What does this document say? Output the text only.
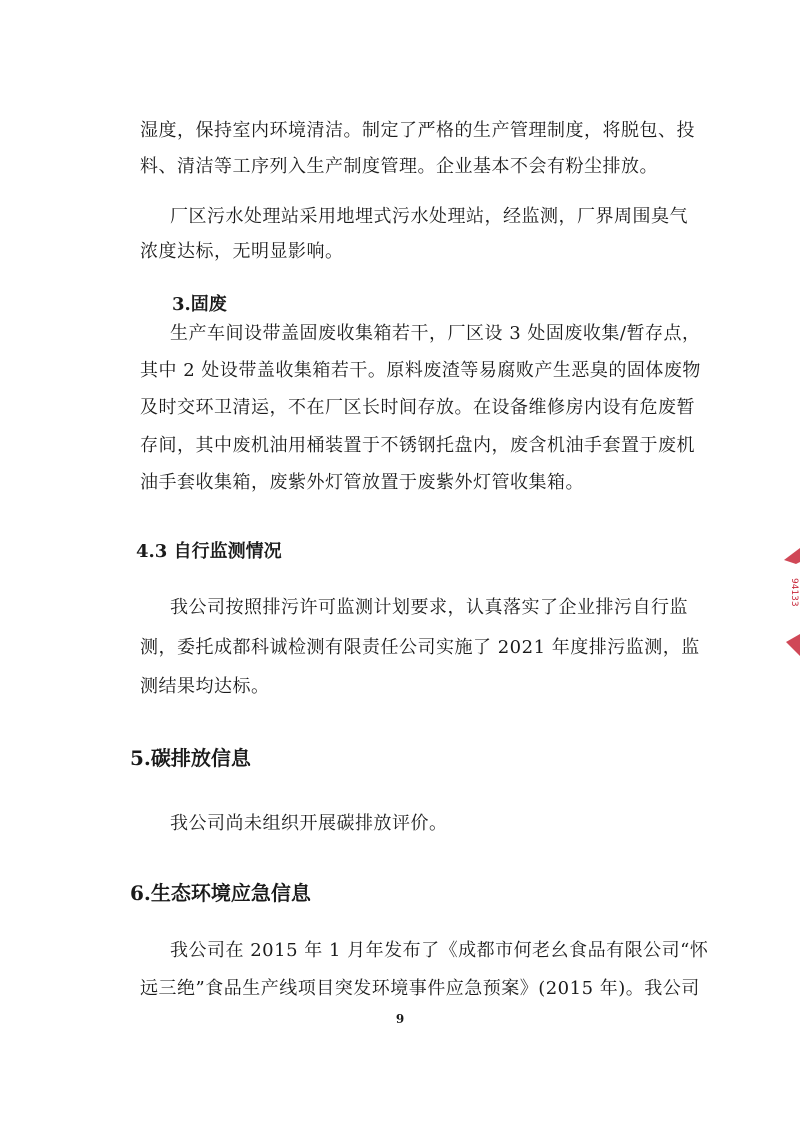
湿度，保持室内环境清洁。制定了严格的生产管理制度，将脱包、投
料、清洁等工序列入生产制度管理。企业基本不会有粉尘排放。
厂区污水处理站采用地埋式污水处理站，经监测，厂界周围臭气
浓度达标，无明显影响。
3.固废
生产车间设带盖固废收集箱若干，厂区设 3 处固废收集/暂存点，
其中 2 处设带盖收集箱若干。原料废渣等易腐败产生恶臭的固体废物
及时交环卫清运，不在厂区长时间存放。在设备维修房内设有危废暂
存间，其中废机油用桶装置于不锈钢托盘内，废含机油手套置于废机
油手套收集箱，废紫外灯管放置于废紫外灯管收集箱。
4.3 自行监测情况
我公司按照排污许可监测计划要求，认真落实了企业排污自行监
测，委托成都科诚检测有限责任公司实施了 2021 年度排污监测，监
测结果均达标。
5.碳排放信息
我公司尚未组织开展碳排放评价。
6.生态环境应急信息
我公司在 2015 年 1 月年发布了《成都市何老幺食品有限公司“怀
远三绝”食品生产线项目突发环境事件应急预案》(2015 年)。我公司
9
94133
